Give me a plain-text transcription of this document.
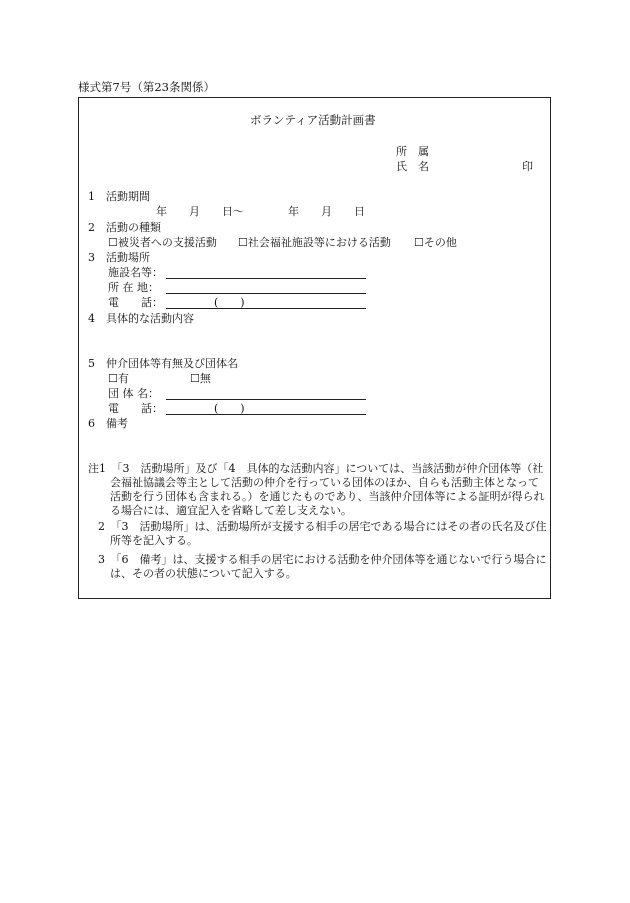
様式第7号（第23条関係）
ボランティア活動計画書
所　属
氏　名	印
1　活動期間
年　　月　　日～　　　　年　　月　　日
2　活動の種類
☐被災者への支援活動 ☐社会福祉施設等における活動 ☐その他
3　活動場所
施設名等：
所 在 地：
電　　話：	(　　)
4　具体的な活動内容
5　仲介団体等有無及び団体名
☐有	☐無
団 体 名：
電　　話：	(　　)
6　備考
注1　「3　活動場所」及び「4　具体的な活動内容」については、当該活動が仲介団体等（社会福祉協議会等主として活動の仲介を行っている団体のほか、自らも活動主体となって活動を行う団体も含まれる。）を通じたものであり、当該仲介団体等による証明が得られる場合には、適宜記入を省略して差し支えない。
2　「3　活動場所」は、活動場所が支援する相手の居宅である場合にはその者の氏名及び住所等を記入する。
3　「6　備考」は、支援する相手の居宅における活動を仲介団体等を通じないで行う場合には、その者の状態について記入する。
